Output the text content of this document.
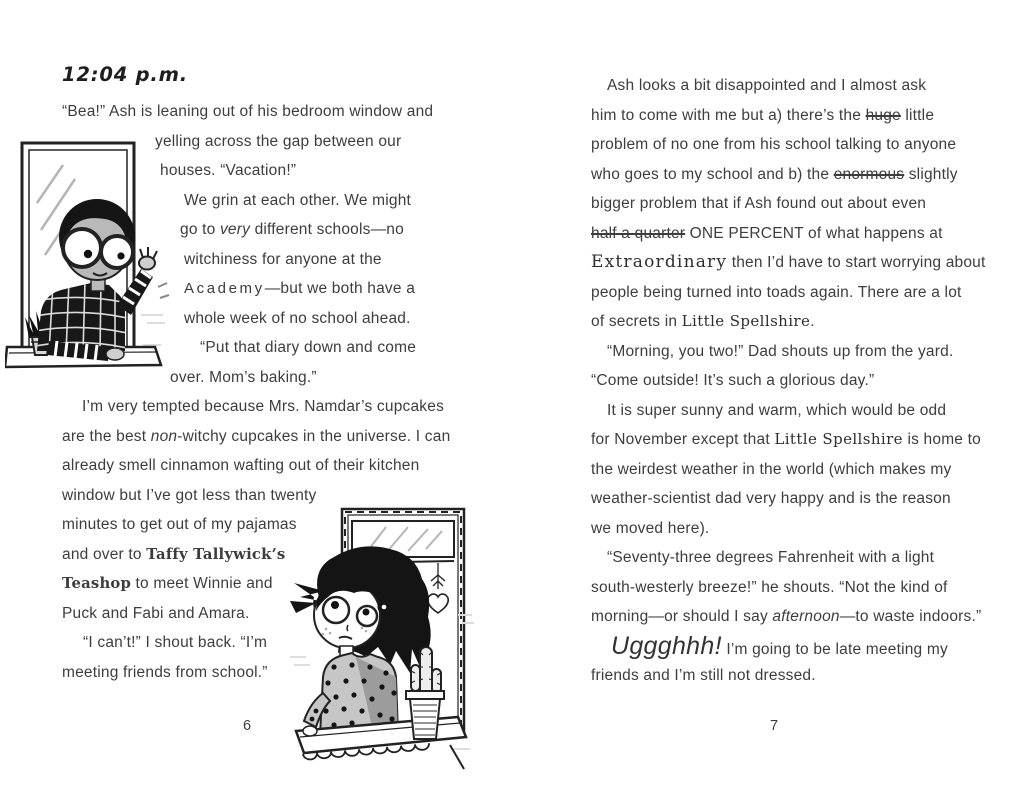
12:04 p.m.
“Bea!” Ash is leaning out of his bedroom window and
yelling across the gap between our
houses. “Vacation!”
We grin at each other. We might
go to very different schools—no
witchiness for anyone at the
Academy—but we both have a
whole week of no school ahead.
“Put that diary down and come
over. Mom’s baking.”
I’m very tempted because Mrs. Namdar’s cupcakes
are the best non-witchy cupcakes in the universe. I can
already smell cinnamon wafting out of their kitchen
window but I’ve got less than twenty
minutes to get out of my pajamas
and over to Taffy Tallywick’s
Teashop to meet Winnie and
Puck and Fabi and Amara.
“I can’t!” I shout back. “I’m
meeting friends from school.”
6
Ash looks a bit disappointed and I almost ask
him to come with me but a) there’s the huge little
problem of no one from his school talking to anyone
who goes to my school and b) the enormous slightly
bigger problem that if Ash found out about even
half a quarter ONE PERCENT of what happens at
Extraordinary then I’d have to start worrying about
people being turned into toads again. There are a lot
of secrets in Little Spellshire.
“Morning, you two!” Dad shouts up from the yard.
“Come outside! It’s such a glorious day.”
It is super sunny and warm, which would be odd
for November except that Little Spellshire is home to
the weirdest weather in the world (which makes my
weather-scientist dad very happy and is the reason
we moved here).
“Seventy-three degrees Fahrenheit with a light
south-westerly breeze!” he shouts. “Not the kind of
morning—or should I say afternoon—to waste indoors.”
Uggghhh! I’m going to be late meeting my
friends and I’m still not dressed.
7
